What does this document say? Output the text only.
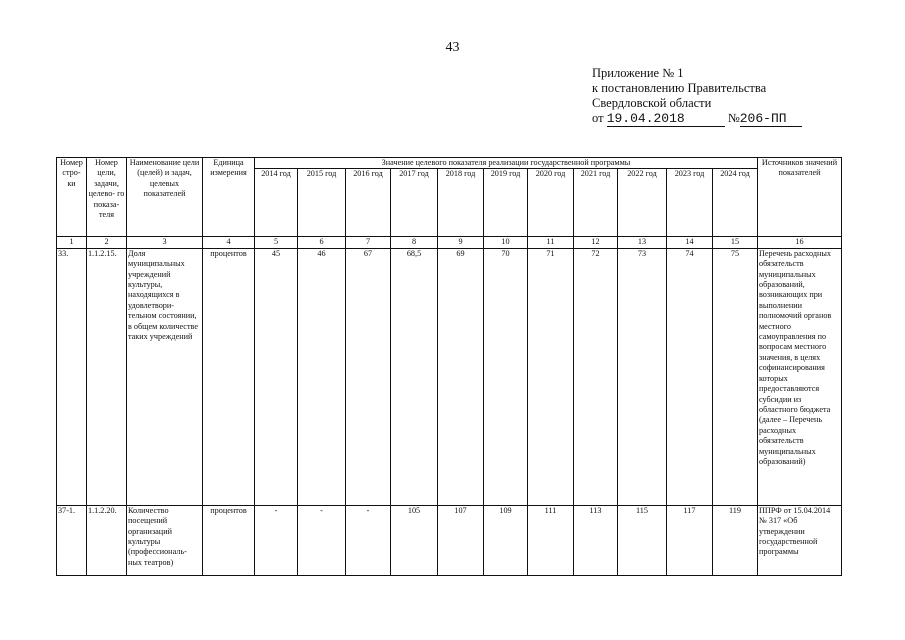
43
Приложение № 1
к постановлению Правительства
Свердловской области
от 19.04.2018	№206-ПП
Номер стро- ки	Номер цели, задачи, целево- го показа- теля	Наименование цели (целей) и задач, целевых показателей	Единица измерения	Значение целевого показателя реализации государственной программы											Источников значений показателей
				2014 год	2015 год	2016 год	2017 год	2018 год	2019 год	2020 год	2021 год	2022 год	2023 год	2024 год	
1	2	3	4	5	6	7	8	9	10	11	12	13	14	15	16
33.	1.1.2.15.	Доля муниципальных учреждений культуры, находящихся в удовлетвори- тельном состоянии, в общем количестве таких учреждений	процентов	45	46	67	68,5	69	70	71	72	73	74	75	Перечень расходных обязательств муниципальных образований, возникающих при выполнении полномочий органов местного самоуправления по вопросам местного значения, в целях софинансирования которых предоставляются субсидии из областного бюджета (далее – Перечень расходных обязательств муниципальных образований)
37-1.	1.1.2.20.	Количество посещений организаций культуры (профессиональ- ных театров)	процентов	-	-	-	105	107	109	111	113	115	117	119	ППРФ от 15.04.2014 № 317 «Об утверждении государственной программы
